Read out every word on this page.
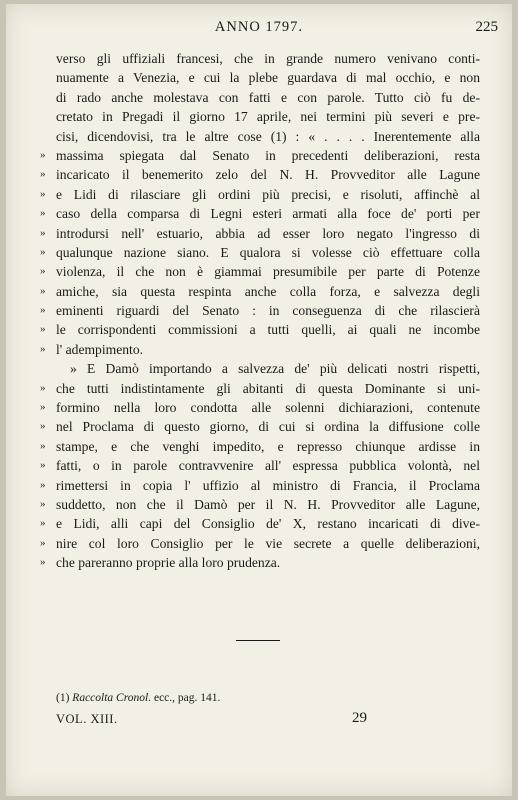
ANNO 1797.	225
verso gli uffiziali francesi, che in grande numero venivano conti-
nuamente a Venezia, e cui la plebe guardava di mal occhio, e non
di rado anche molestava con fatti e con parole. Tutto ciò fu de-
cretato in Pregadi il giorno 17 aprile, nei termini più severi e pre-
cisi, dicendovisi, tra le altre cose (1) : « . . . . Inerentemente alla
» massima spiegata dal Senato in precedenti deliberazioni, resta
» incaricato il benemerito zelo del N. H. Provveditor alle Lagune
» e Lidi di rilasciare gli ordini più precisi, e risoluti, affinchè al
» caso della comparsa di Legni esteri armati alla foce de' porti per
» introdursi nell' estuario, abbia ad esser loro negato l'ingresso di
» qualunque nazione siano. E qualora si volesse ciò effettuare colla
» violenza, il che non è giammai presumibile per parte di Potenze
» amiche, sia questa respinta anche colla forza, e salvezza degli
» eminenti riguardi del Senato : in conseguenza di che rilascierà
» le corrispondenti commissioni a tutti quelli, ai quali ne incombe
» l' adempimento.
» E Damò importando a salvezza de' più delicati nostri rispetti,
» che tutti indistintamente gli abitanti di questa Dominante si uni-
» formino nella loro condotta alle solenni dichiarazioni, contenute
» nel Proclama di questo giorno, di cui si ordina la diffusione colle
» stampe, e che venghi impedito, e represso chiunque ardisse in
» fatti, o in parole contravvenire all' espressa pubblica volontà, nel
» rimettersi in copia l' uffizio al ministro di Francia, il Proclama
» suddetto, non che il Damò per il N. H. Provveditor alle Lagune,
» e Lidi, alli capi del Consiglio de' X, restano incaricati di dive-
» nire col loro Consiglio per le vie secrete a quelle deliberazioni,
» che pareranno proprie alla loro prudenza.
(1) Raccolta Cronol. ecc., pag. 141.
VOL. XIII.	29
